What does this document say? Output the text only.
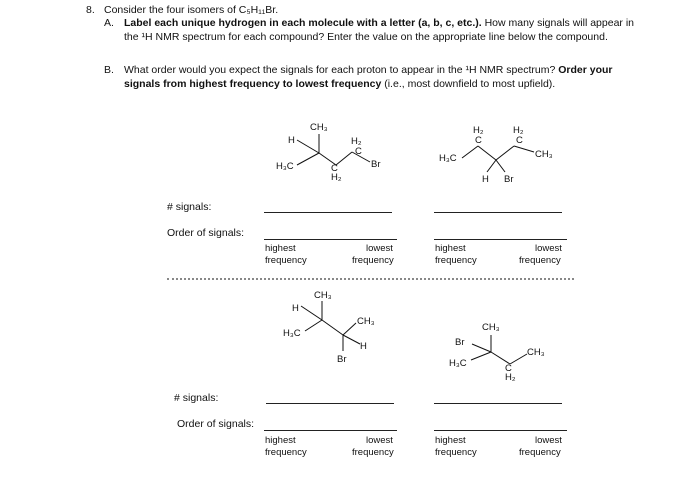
8. Consider the four isomers of C₅H₁₁Br.
A. Label each unique hydrogen in each molecule with a letter (a, b, c, etc.). How many signals will appear in
the ¹H NMR spectrum for each compound? Enter the value on the appropriate line below the compound.
B. What order would you expect the signals for each proton to appear in the ¹H NMR spectrum? Order your
signals from highest frequency to lowest frequency (i.e., most downfield to most upfield).
CH₃
H
H₃C
H₂
C
C
H₂
Br
H₂
C
H₂
C
H₃C	CH₃
H Br
CH₃
H
H₃C
CH₃
H
Br
CH₃
Br
H₃C	C
H₂
CH₃
# signals:
Order of signals:
highest
frequency
lowest
frequency
highest
frequency
lowest
frequency
# signals:
Order of signals:
highest
frequency
lowest
frequency
highest
frequency
lowest
frequency
